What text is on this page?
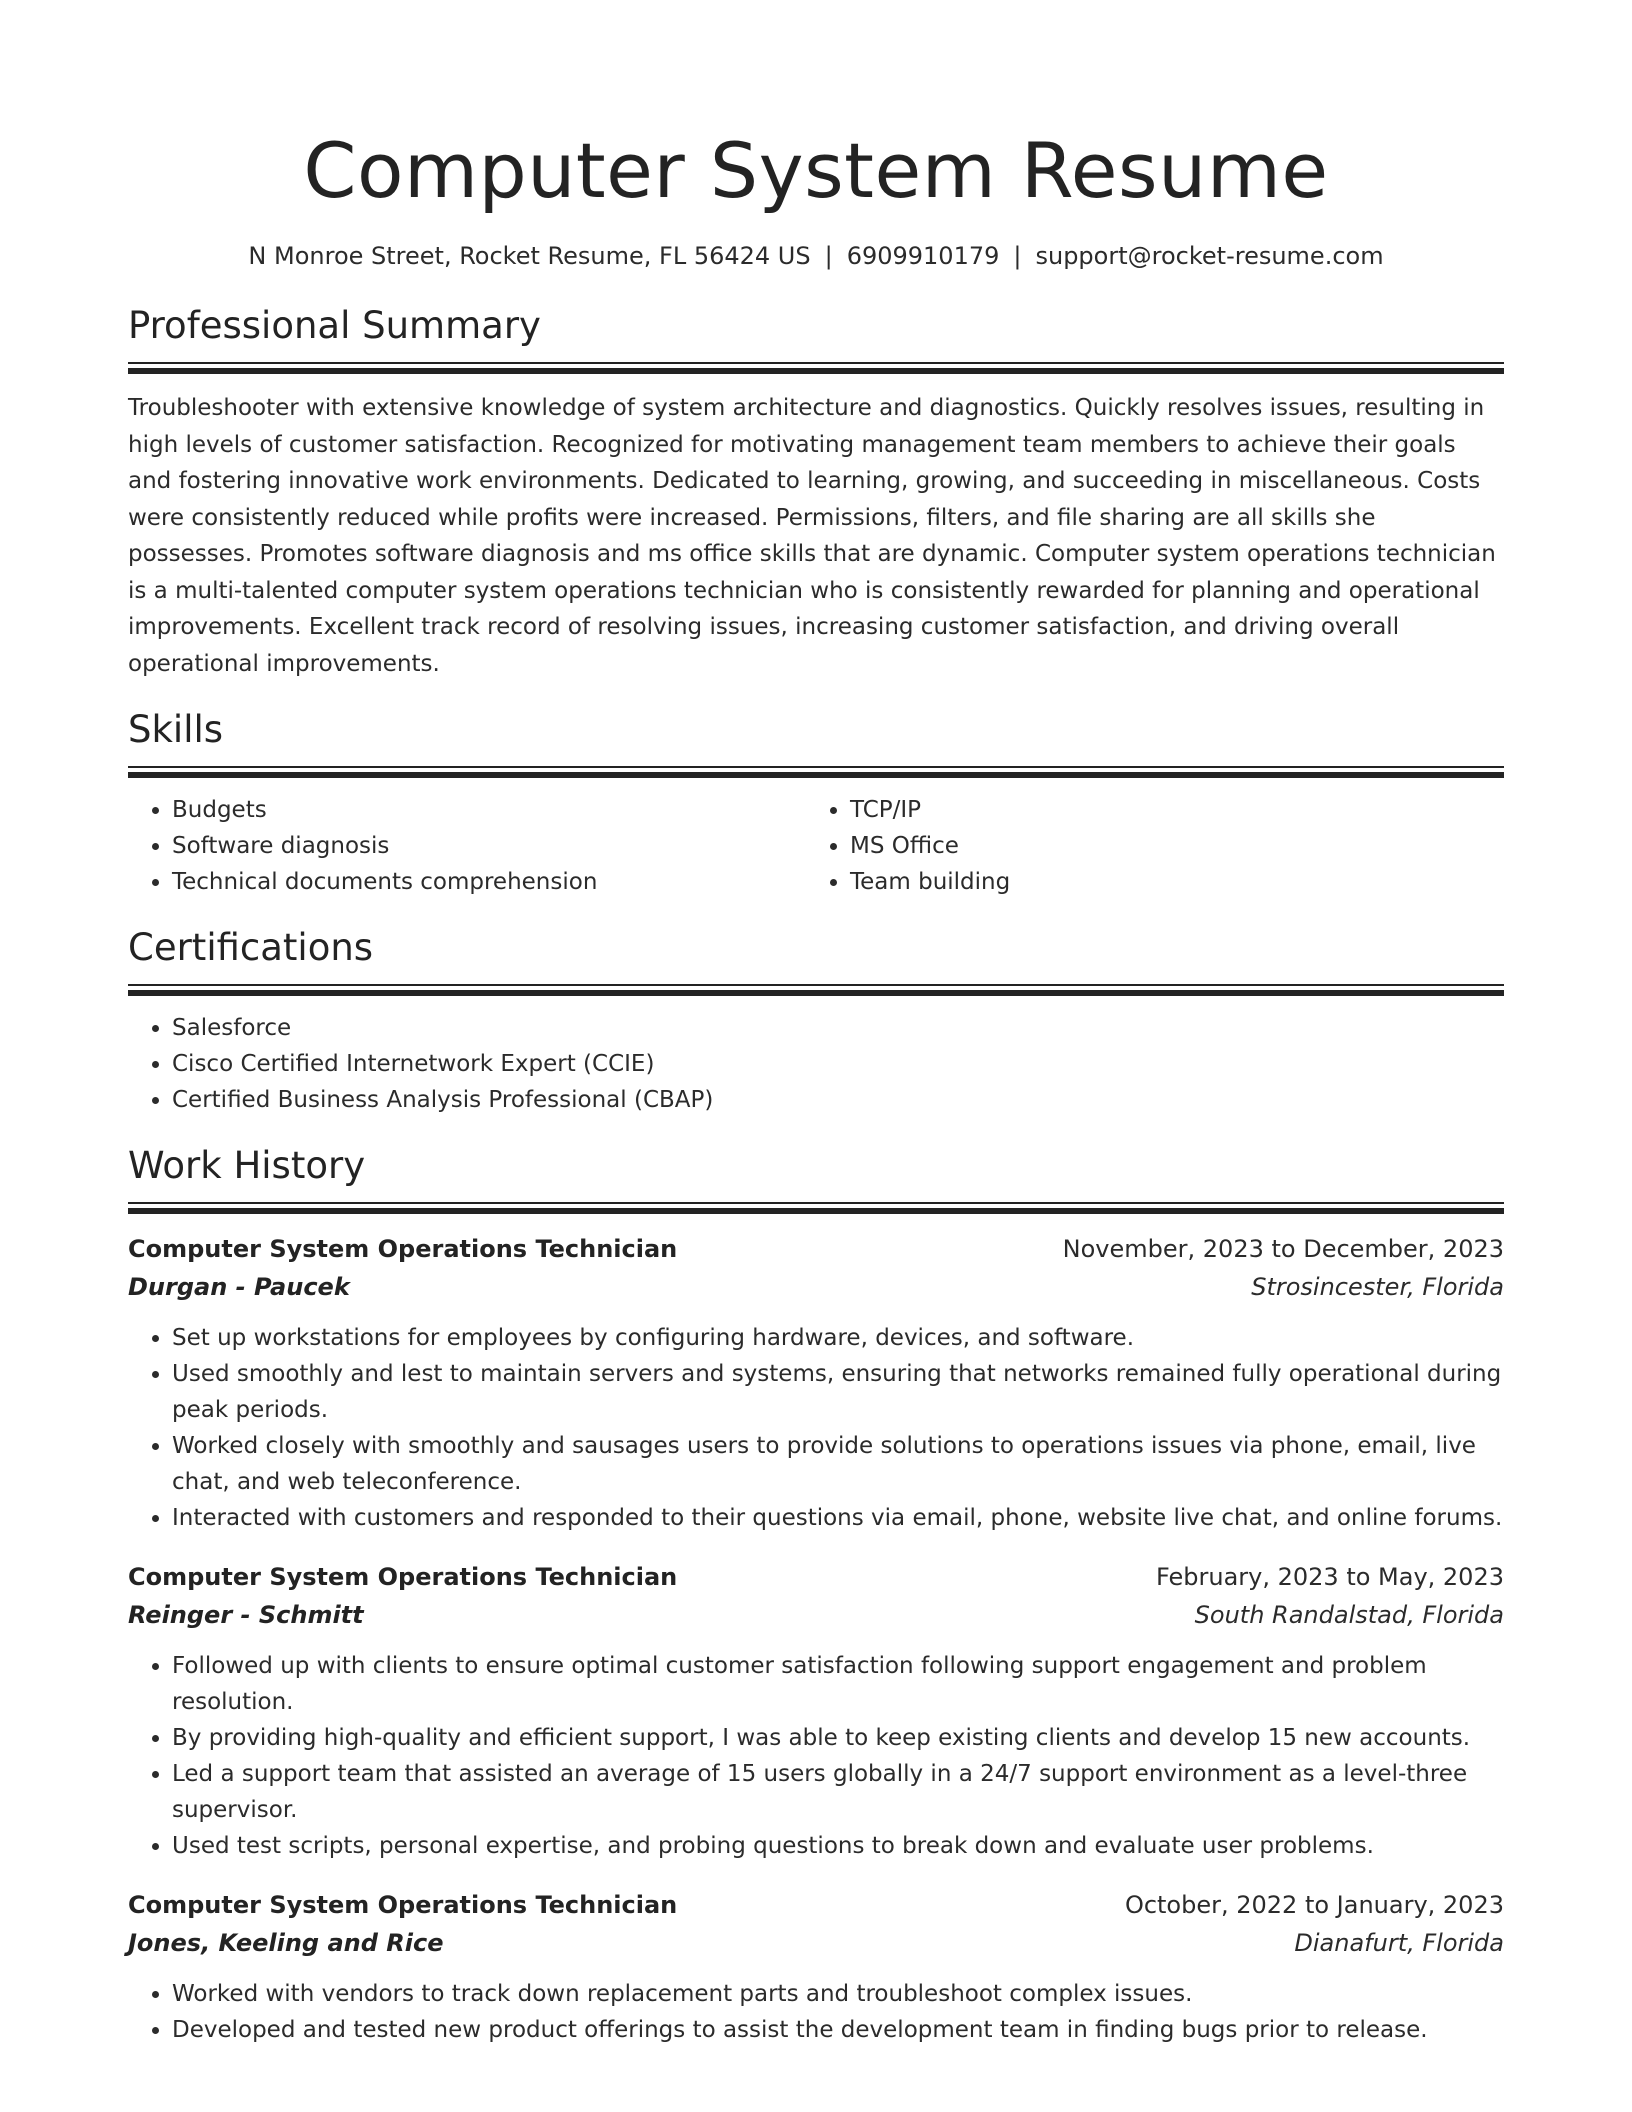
Computer System Resume
N Monroe Street, Rocket Resume, FL 56424 US | 6909910179 | support@rocket-resume.com
Professional Summary

Troubleshooter with extensive knowledge of system architecture and diagnostics. Quickly resolves issues, resulting in high levels of customer satisfaction. Recognized for motivating management team members to achieve their goals and fostering innovative work environments. Dedicated to learning, growing, and succeeding in miscellaneous. Costs were consistently reduced while profits were increased. Permissions, filters, and file sharing are all skills she possesses. Promotes software diagnosis and ms office skills that are dynamic. Computer system operations technician is a multi-talented computer system operations technician who is consistently rewarded for planning and operational improvements. Excellent track record of resolving issues, increasing customer satisfaction, and driving overall operational improvements.

Skills
• Budgets
• Software diagnosis
• Technical documents comprehension
• TCP/IP
• MS Office
• Team building
Certifications
• Salesforce
• Cisco Certified Internetwork Expert (CCIE)
• Certified Business Analysis Professional (CBAP)
Work History
Computer System Operations Technician	November, 2023 to December, 2023
Durgan - Paucek	Strosincester, Florida
• Set up workstations for employees by configuring hardware, devices, and software.
• Used smoothly and lest to maintain servers and systems, ensuring that networks remained fully operational during peak periods.
• Worked closely with smoothly and sausages users to provide solutions to operations issues via phone, email, live chat, and web teleconference.
• Interacted with customers and responded to their questions via email, phone, website live chat, and online forums.
Computer System Operations Technician	February, 2023 to May, 2023
Reinger - Schmitt	South Randalstad, Florida
• Followed up with clients to ensure optimal customer satisfaction following support engagement and problem resolution.
• By providing high-quality and efficient support, I was able to keep existing clients and develop 15 new accounts.
• Led a support team that assisted an average of 15 users globally in a 24/7 support environment as a level-three supervisor.
• Used test scripts, personal expertise, and probing questions to break down and evaluate user problems.
Computer System Operations Technician	October, 2022 to January, 2023
Jones, Keeling and Rice	Dianafurt, Florida
• Worked with vendors to track down replacement parts and troubleshoot complex issues.
• Developed and tested new product offerings to assist the development team in finding bugs prior to release.
